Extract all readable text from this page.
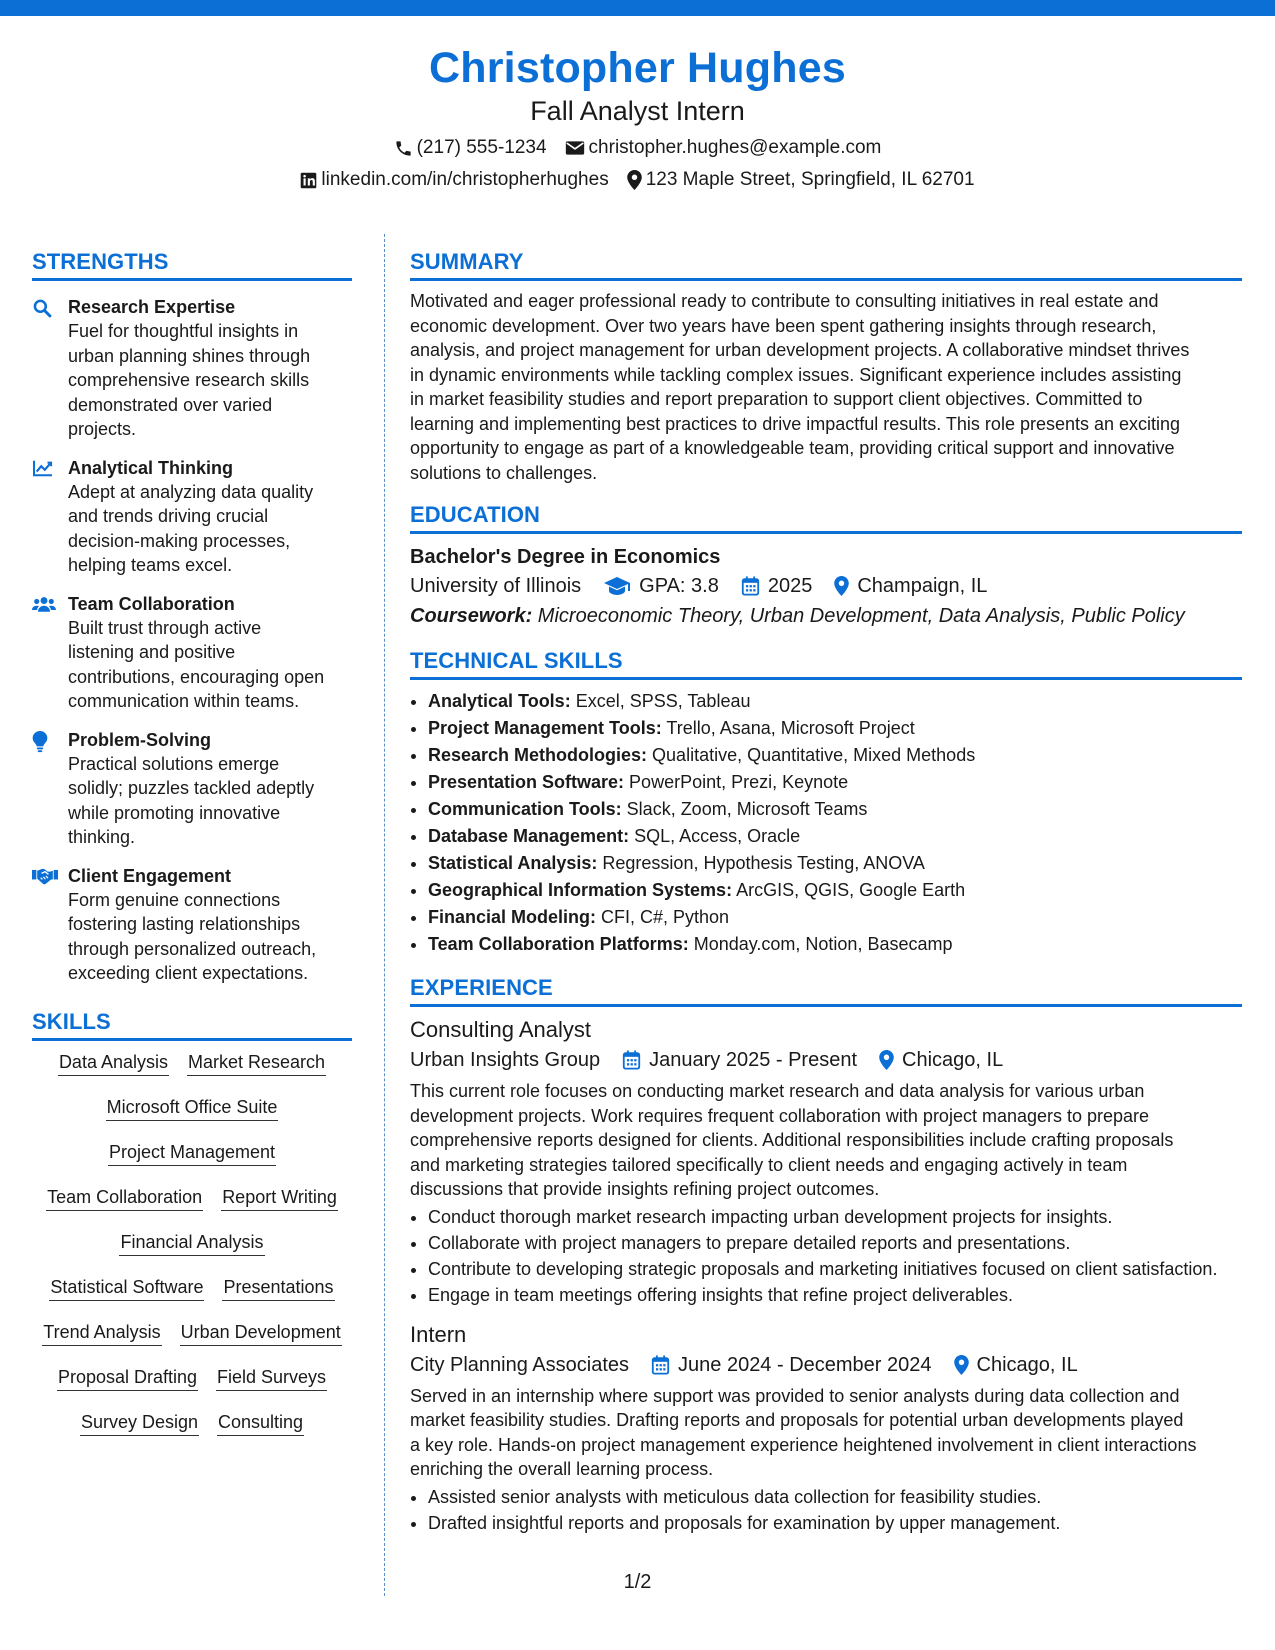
Christopher Hughes
Fall Analyst Intern
(217) 555-1234 christopher.hughes@example.com
linkedin.com/in/christopherhughes 123 Maple Street, Springfield, IL 62701
STRENGTHS
Research Expertise
Fuel for thoughtful insights in
urban planning shines through
comprehensive research skills
demonstrated over varied
projects.
Analytical Thinking
Adept at analyzing data quality
and trends driving crucial
decision-making processes,
helping teams excel.
Team Collaboration
Built trust through active
listening and positive
contributions, encouraging open
communication within teams.
Problem-Solving
Practical solutions emerge
solidly; puzzles tackled adeptly
while promoting innovative
thinking.
Client Engagement
Form genuine connections
fostering lasting relationships
through personalized outreach,
exceeding client expectations.
SKILLS
Data Analysis Market Research
Microsoft Office Suite
Project Management
Team Collaboration Report Writing
Financial Analysis
Statistical Software Presentations
Trend Analysis Urban Development
Proposal Drafting Field Surveys
Survey Design Consulting
SUMMARY
Motivated and eager professional ready to contribute to consulting initiatives in real estate and
economic development. Over two years have been spent gathering insights through research,
analysis, and project management for urban development projects. A collaborative mindset thrives
in dynamic environments while tackling complex issues. Significant experience includes assisting
in market feasibility studies and report preparation to support client objectives. Committed to
learning and implementing best practices to drive impactful results. This role presents an exciting
opportunity to engage as part of a knowledgeable team, providing critical support and innovative
solutions to challenges.
EDUCATION
Bachelor's Degree in Economics
University of Illinois	GPA: 3.8 2025 Champaign, IL
Coursework: Microeconomic Theory, Urban Development, Data Analysis, Public Policy
TECHNICAL SKILLS
• Analytical Tools: Excel, SPSS, Tableau
• Project Management Tools: Trello, Asana, Microsoft Project
• Research Methodologies: Qualitative, Quantitative, Mixed Methods
• Presentation Software: PowerPoint, Prezi, Keynote
• Communication Tools: Slack, Zoom, Microsoft Teams
• Database Management: SQL, Access, Oracle
• Statistical Analysis: Regression, Hypothesis Testing, ANOVA
• Geographical Information Systems: ArcGIS, QGIS, Google Earth
• Financial Modeling: CFI, C#, Python
• Team Collaboration Platforms: Monday.com, Notion, Basecamp
EXPERIENCE
Consulting Analyst
Urban Insights Group January 2025 - Present Chicago, IL
This current role focuses on conducting market research and data analysis for various urban
development projects. Work requires frequent collaboration with project managers to prepare
comprehensive reports designed for clients. Additional responsibilities include crafting proposals
and marketing strategies tailored specifically to client needs and engaging actively in team
discussions that provide insights refining project outcomes.
• Conduct thorough market research impacting urban development projects for insights.
• Collaborate with project managers to prepare detailed reports and presentations.
• Contribute to developing strategic proposals and marketing initiatives focused on client satisfaction.
• Engage in team meetings offering insights that refine project deliverables.
Intern
City Planning Associates June 2024 - December 2024 Chicago, IL
Served in an internship where support was provided to senior analysts during data collection and
market feasibility studies. Drafting reports and proposals for potential urban developments played
a key role. Hands-on project management experience heightened involvement in client interactions
enriching the overall learning process.
• Assisted senior analysts with meticulous data collection for feasibility studies.
• Drafted insightful reports and proposals for examination by upper management.
1/2
